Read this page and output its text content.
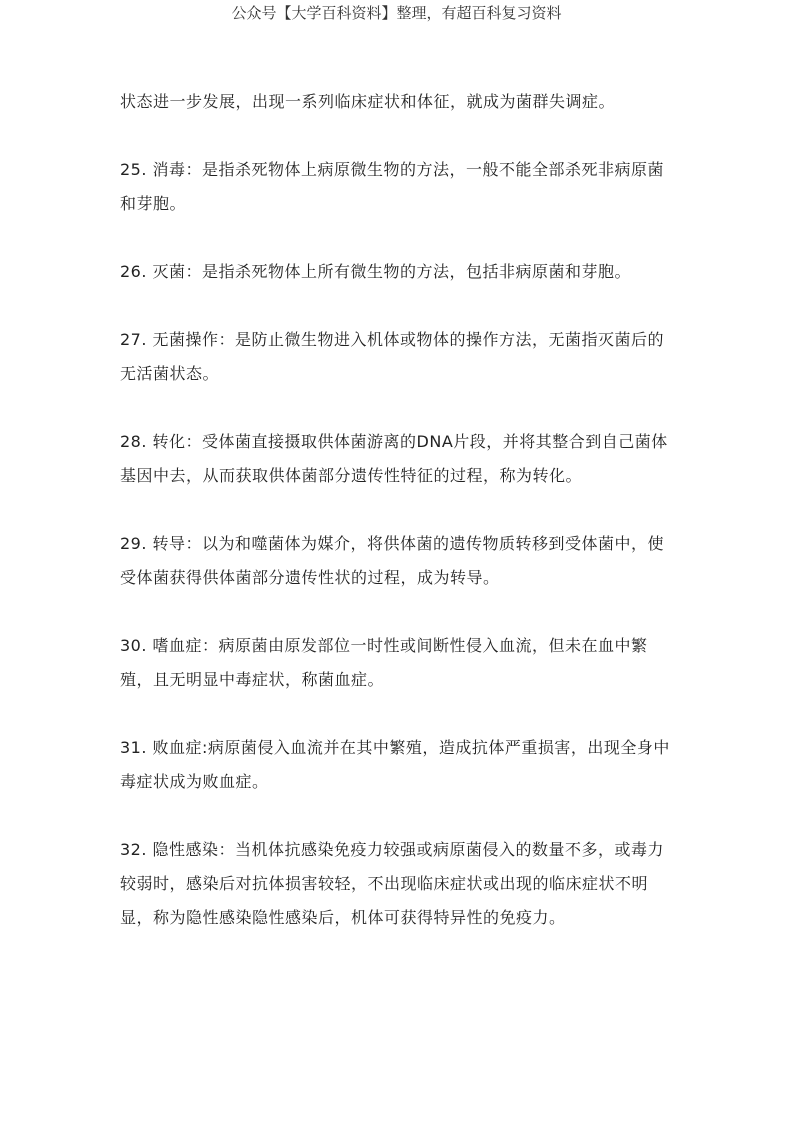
公众号【大学百科资料】整理，有超百科复习资料

状态进一步发展，出现一系列临床症状和体征，就成为菌群失调症。

25. 消毒：是指杀死物体上病原微生物的方法，一般不能全部杀死非病原菌和芽胞。

26. 灭菌：是指杀死物体上所有微生物的方法，包括非病原菌和芽胞。

27. 无菌操作：是防止微生物进入机体或物体的操作方法，无菌指灭菌后的无活菌状态。

28. 转化：受体菌直接摄取供体菌游离的DNA片段，并将其整合到自己菌体基因中去，从而获取供体菌部分遗传性特征的过程，称为转化。

29. 转导：以为和噬菌体为媒介，将供体菌的遗传物质转移到受体菌中，使受体菌获得供体菌部分遗传性状的过程，成为转导。

30. 嗜血症：病原菌由原发部位一时性或间断性侵入血流，但未在血中繁殖，且无明显中毒症状，称菌血症。

31. 败血症:病原菌侵入血流并在其中繁殖，造成抗体严重损害，出现全身中毒症状成为败血症。

32. 隐性感染：当机体抗感染免疫力较强或病原菌侵入的数量不多，或毒力较弱时，感染后对抗体损害较轻，不出现临床症状或出现的临床症状不明显，称为隐性感染隐性感染后，机体可获得特异性的免疫力。
